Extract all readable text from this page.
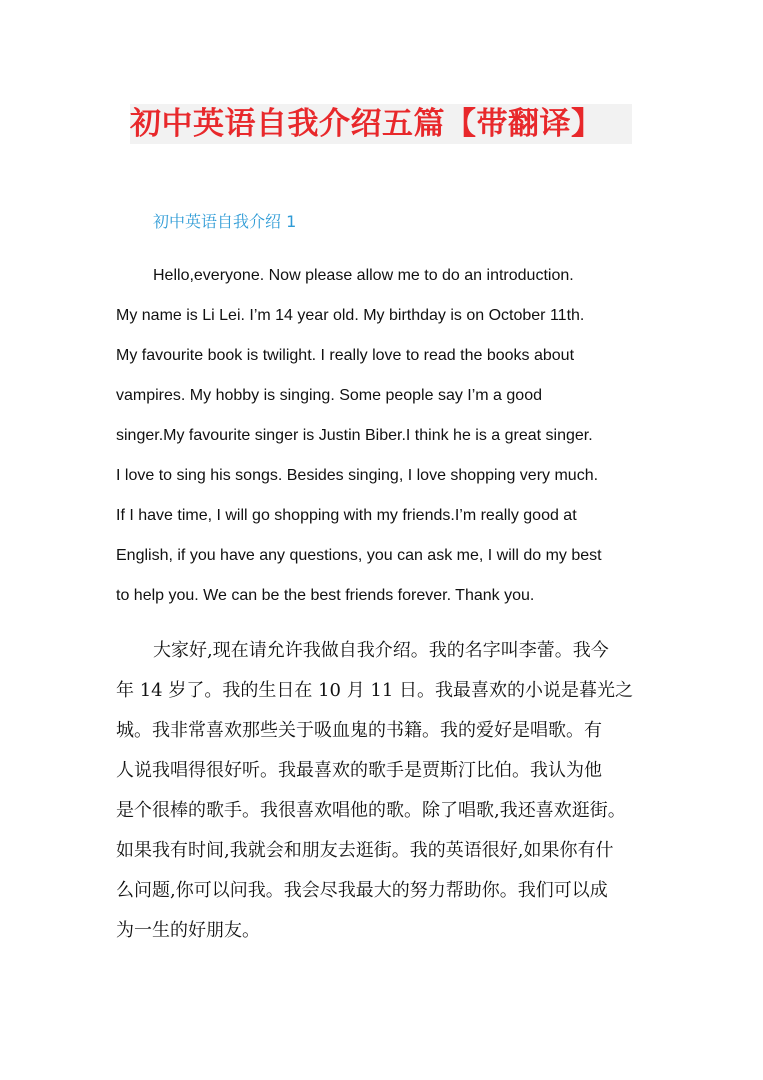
初中英语自我介绍五篇【带翻译】
初中英语自我介绍 1
Hello,everyone. Now please allow me to do an introduction.
My name is Li Lei. I’m 14 year old. My birthday is on October 11th.
My favourite book is twilight. I really love to read the books about
vampires. My hobby is singing. Some people say I’m a good
singer.My favourite singer is Justin Biber.I think he is a great singer.
I love to sing his songs. Besides singing, I love shopping very much.
If I have time, I will go shopping with my friends.I’m really good at
English, if you have any questions, you can ask me, I will do my best
to help you. We can be the best friends forever. Thank you.
大家好,现在请允许我做自我介绍。我的名字叫李蕾。我今
年 14 岁了。我的生日在 10 月 11 日。我最喜欢的小说是暮光之
城。我非常喜欢那些关于吸血鬼的书籍。我的爱好是唱歌。有
人说我唱得很好听。我最喜欢的歌手是贾斯汀比伯。我认为他
是个很棒的歌手。我很喜欢唱他的歌。除了唱歌,我还喜欢逛街。
如果我有时间,我就会和朋友去逛街。我的英语很好,如果你有什
么问题,你可以问我。我会尽我最大的努力帮助你。我们可以成
为一生的好朋友。
